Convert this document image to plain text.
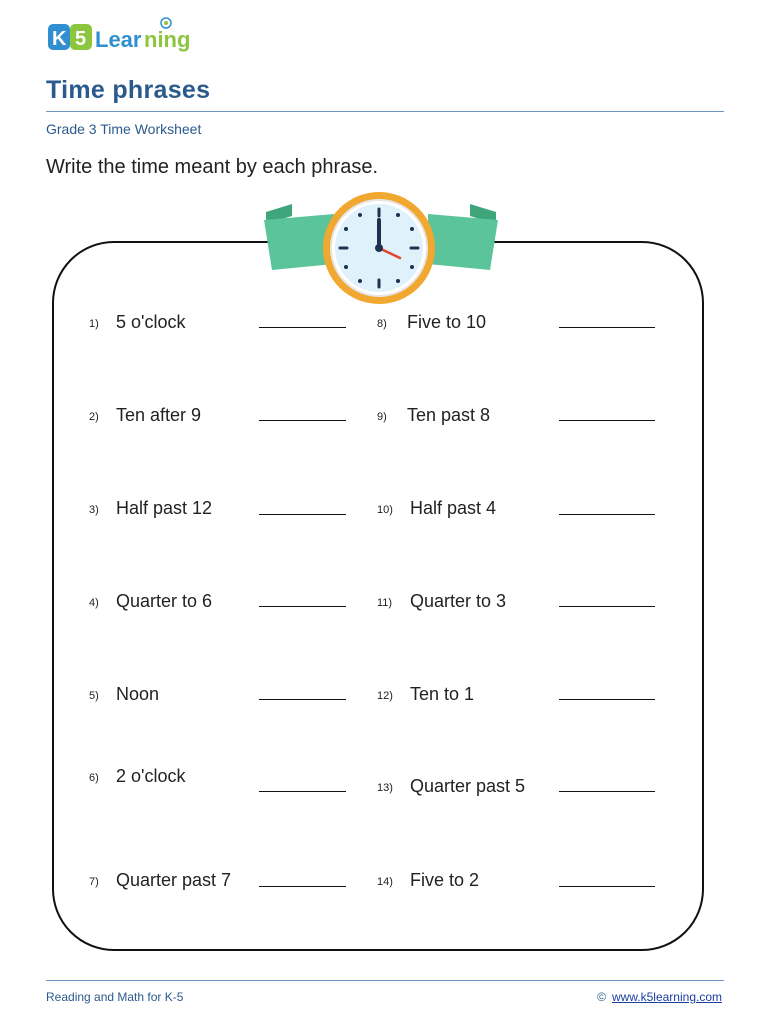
K 5 Lear ning
Time phrases
Grade 3 Time Worksheet
Write the time meant by each phrase.
1) 5 o'clock
2) Ten after 9
3) Half past 12
4) Quarter to 6
5) Noon
6) 2 o'clock
7) Quarter past 7
8) Five to 10
9) Ten past 8
10) Half past 4
11) Quarter to 3
12) Ten to 1
13) Quarter past 5
14) Five to 2
Reading and Math for K-5	© www.k5learning.com
